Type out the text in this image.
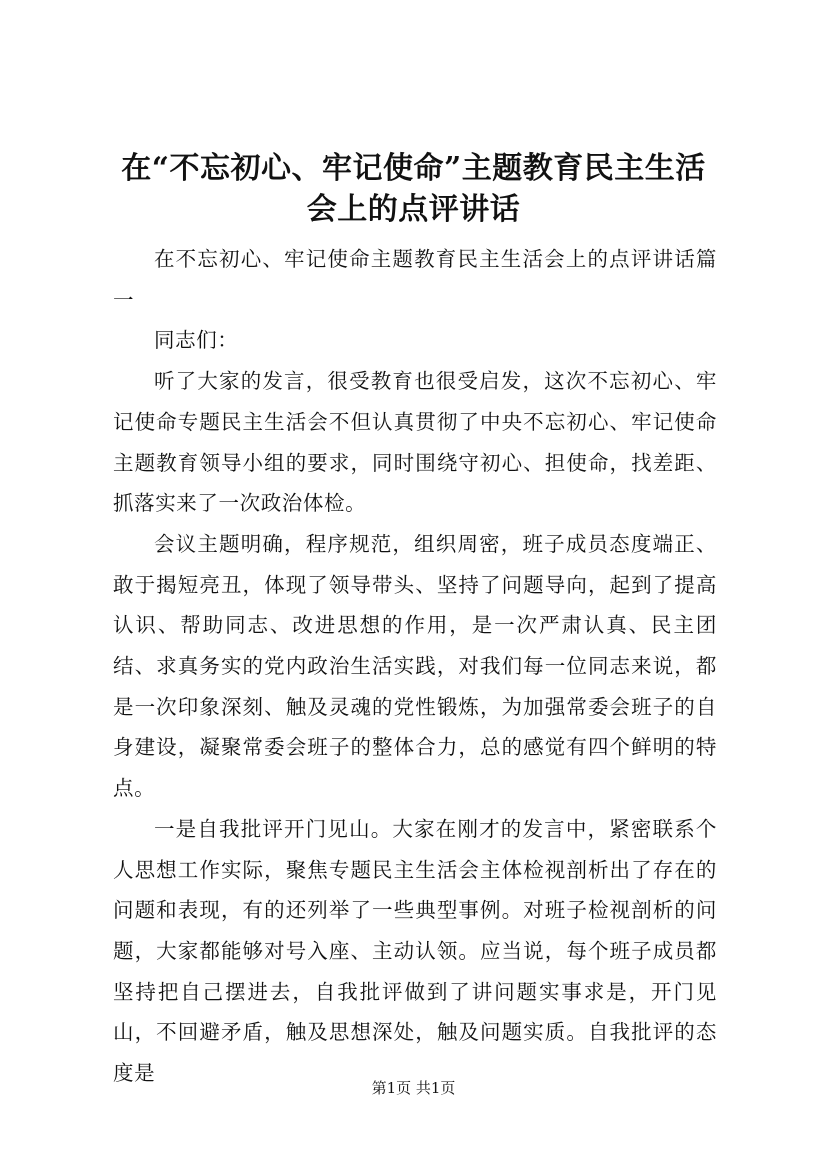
在“不忘初心、牢记使命”主题教育民主生活
会上的点评讲话

在不忘初心、牢记使命主题教育民主生活会上的点评讲话篇一

同志们：

听了大家的发言，很受教育也很受启发，这次不忘初心、牢记使命专题民主生活会不但认真贯彻了中央不忘初心、牢记使命主题教育领导小组的要求，同时围绕守初心、担使命，找差距、抓落实来了一次政治体检。

会议主题明确，程序规范，组织周密，班子成员态度端正、敢于揭短亮丑，体现了领导带头、坚持了问题导向，起到了提高认识、帮助同志、改进思想的作用，是一次严肃认真、民主团结、求真务实的党内政治生活实践，对我们每一位同志来说，都是一次印象深刻、触及灵魂的党性锻炼，为加强常委会班子的自身建设，凝聚常委会班子的整体合力，总的感觉有四个鲜明的特点。

一是自我批评开门见山。大家在刚才的发言中，紧密联系个人思想工作实际，聚焦专题民主生活会主体检视剖析出了存在的问题和表现，有的还列举了一些典型事例。对班子检视剖析的问题，大家都能够对号入座、主动认领。应当说，每个班子成员都坚持把自己摆进去，自我批评做到了讲问题实事求是，开门见山，不回避矛盾，触及思想深处，触及问题实质。自我批评的态度是

第1页 共1页
